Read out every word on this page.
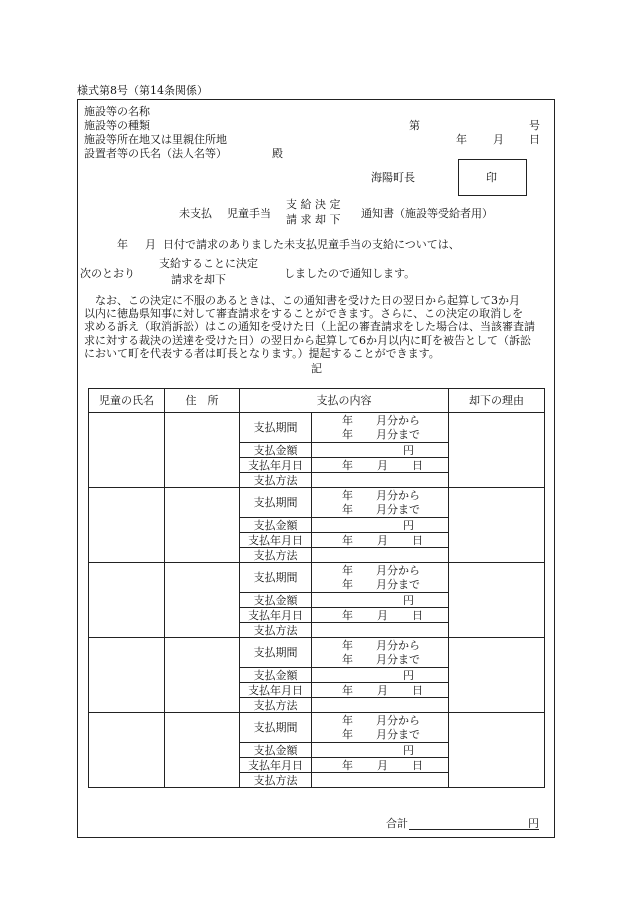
様式第8号（第14条関係）
施設等の名称
施設等の種類
施設等所在地又は里親住所地
設置者等の氏名（法人名等）	殿
第	号
年 月 日
海陽町長	印
未支払 児童手当
支 給 決 定
請 求 却 下 通知書（施設等受給者用）
年 月 日付で請求のありました未支払児童手当の支給については、
次のとおり
支給することに決定
請求を却下	しましたので通知します。
なお、この決定に不服のあるときは、この通知書を受けた日の翌日から起算して3か月
以内に徳島県知事に対して審査請求をすることができます。さらに、この決定の取消しを
求める訴え（取消訴訟）はこの通知を受けた日（上記の審査請求をした場合は、当該審査請
求に対する裁決の送達を受けた日）の翌日から起算して6か月以内に町を被告として（訴訟
において町を代表する者は町長となります。）提起することができます。
記
児童の氏名	住　所	支払の内容		却下の理由
		支払期間	年 月分から
年 月分まで	

		支払金額	円	

		支払年月日	年 月 日	

		支払方法		
		支払期間	年 月分から
年 月分まで	

		支払金額	円	

		支払年月日	年 月 日	

		支払方法		
		支払期間	年 月分から
年 月分まで	

		支払金額	円	

		支払年月日	年 月 日	

		支払方法		
		支払期間	年 月分から
年 月分まで	

		支払金額	円	

		支払年月日	年 月 日	

		支払方法		
		支払期間	年 月分から
年 月分まで	

		支払金額	円	

		支払年月日	年 月 日	

		支払方法		
合計	円
